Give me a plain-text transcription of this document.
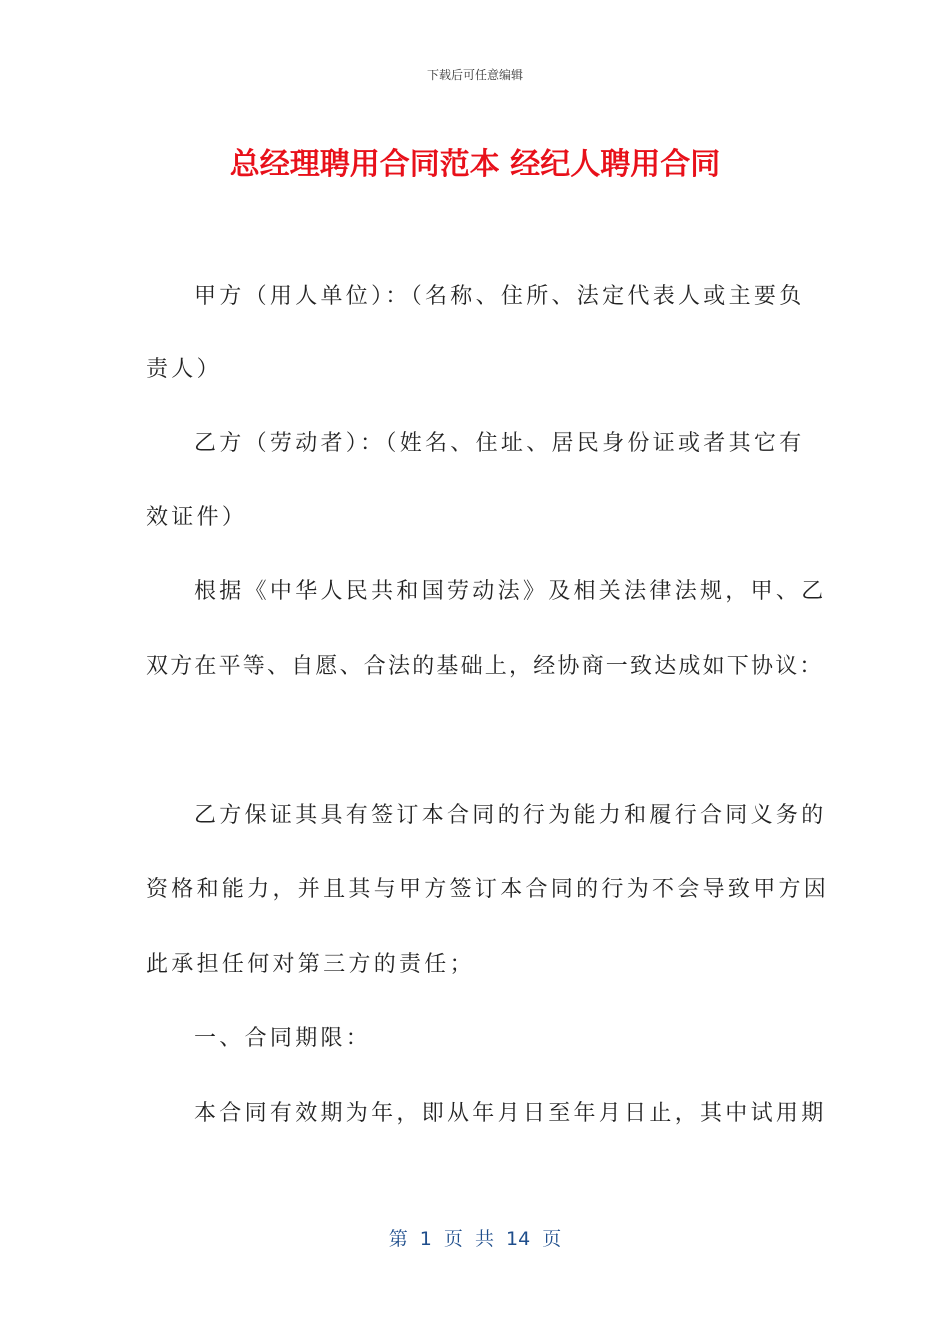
下载后可任意编辑
总经理聘用合同范本 经纪人聘用合同
甲方（用人单位）：（名称、住所、法定代表人或主要负
责人）
乙方（劳动者）：（姓名、住址、居民身份证或者其它有
效证件）
根据《中华人民共和国劳动法》及相关法律法规，甲、乙
双方在平等、自愿、合法的基础上，经协商一致达成如下协议：
乙方保证其具有签订本合同的行为能力和履行合同义务的
资格和能力，并且其与甲方签订本合同的行为不会导致甲方因
此承担任何对第三方的责任；
一、合同期限：
本合同有效期为年，即从年月日至年月日止，其中试用期
第 1 页 共 14 页
